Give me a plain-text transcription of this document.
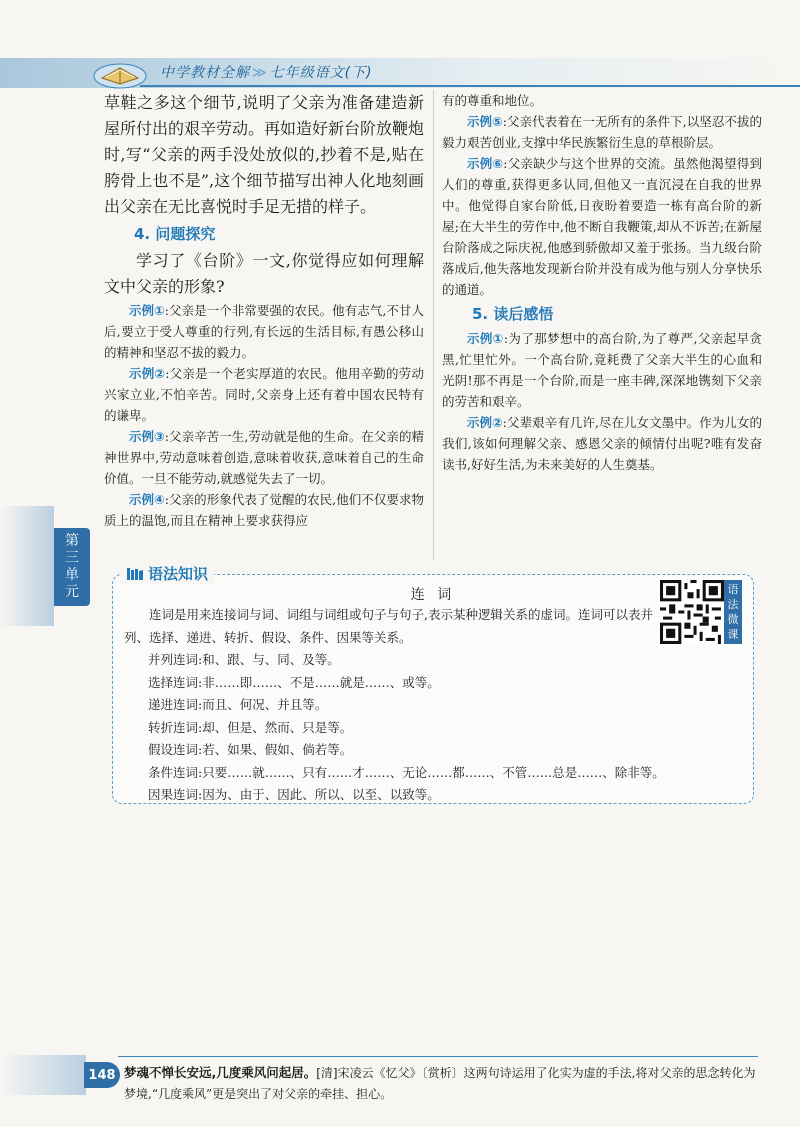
中学教材全解 ≫ 七年级语文(下)

草鞋之多这个细节,说明了父亲为准备建造新屋所付出的艰辛劳动。再如造好新台阶放鞭炮时,写“父亲的两手没处放似的,抄着不是,贴在胯骨上也不是”,这个细节描写出神人化地刻画出父亲在无比喜悦时手足无措的样子。

4. 问题探究

学习了《台阶》一文,你觉得应如何理解文中父亲的形象?

示例①:父亲是一个非常要强的农民。他有志气,不甘人后,要立于受人尊重的行列,有长远的生活目标,有愚公移山的精神和坚忍不拔的毅力。

示例②:父亲是一个老实厚道的农民。他用辛勤的劳动兴家立业,不怕辛苦。同时,父亲身上还有着中国农民特有的谦卑。

示例③:父亲辛苦一生,劳动就是他的生命。在父亲的精神世界中,劳动意味着创造,意味着收获,意味着自己的生命价值。一旦不能劳动,就感觉失去了一切。

示例④:父亲的形象代表了觉醒的农民,他们不仅要求物质上的温饱,而且在精神上要求获得应

有的尊重和地位。

示例⑤:父亲代表着在一无所有的条件下,以坚忍不拔的毅力艰苦创业,支撑中华民族繁衍生息的草根阶层。

示例⑥:父亲缺少与这个世界的交流。虽然他渴望得到人们的尊重,获得更多认同,但他又一直沉浸在自我的世界中。他觉得自家台阶低,日夜盼着要造一栋有高台阶的新屋;在大半生的劳作中,他不断自我鞭策,却从不诉苦;在新屋台阶落成之际庆祝,他感到骄傲却又羞于张扬。当九级台阶落成后,他失落地发现新台阶并没有成为他与别人分享快乐的通道。

5. 读后感悟

示例①:为了那梦想中的高台阶,为了尊严,父亲起早贪黑,忙里忙外。一个高台阶,竟耗费了父亲大半生的心血和光阴!那不再是一个台阶,而是一座丰碑,深深地镌刻下父亲的劳苦和艰辛。

示例②:父辈艰辛有几许,尽在儿女文墨中。作为儿女的我们,该如何理解父亲、感恩父亲的倾情付出呢?唯有发奋读书,好好生活,为未来美好的人生奠基。

第
三
单
元
语法知识
连 词	语
法
微
课

连词是用来连接词与词、词组与词组或句子与句子,表示某种逻辑关系的虚词。连词可以表并列、选择、递进、转折、假设、条件、因果等关系。

并列连词:和、跟、与、同、及等。

选择连词:非……即……、不是……就是……、或等。

递进连词:而且、何况、并且等。

转折连词:却、但是、然而、只是等。

假设连词:若、如果、假如、倘若等。

条件连词:只要……就……、只有……才……、无论……都……、不管……总是……、除非等。

因果连词:因为、由于、因此、所以、以至、以致等。

148 梦魂不惮长安远,几度乘风问起居。[清]宋凌云《忆父》〔赏析〕这两句诗运用了化实为虚的手法,将对父亲的思念转化为梦境,“几度乘风”更是突出了对父亲的牵挂、担心。
